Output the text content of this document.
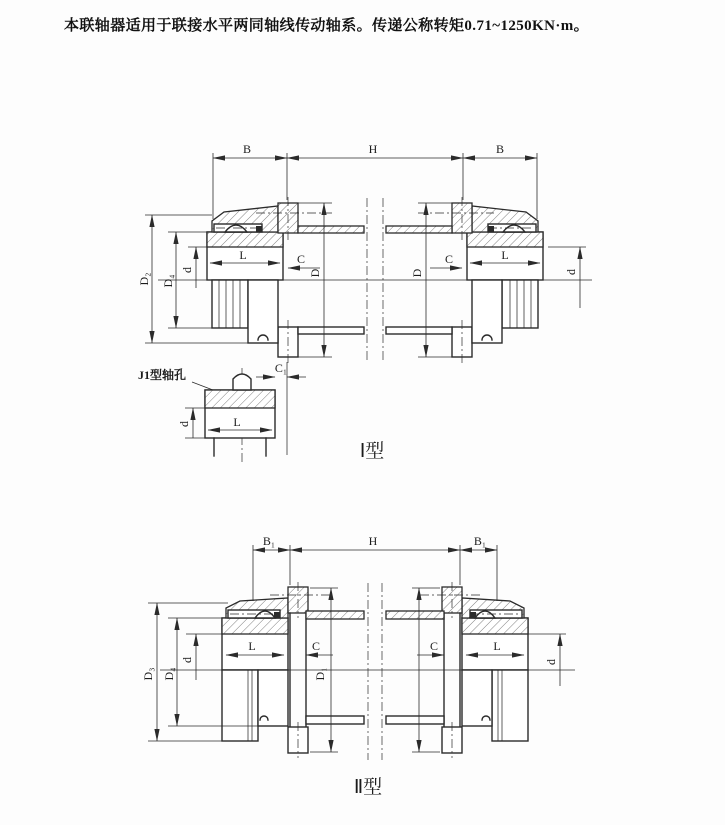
本联轴器适用于联接水平两同轴线传动轴系。传递公称转矩0.71~1250KN·m。
B	H	B
D₂ D₄
d
L	C	L
C
D	D	d
J1型轴孔	C₁
L
d
Ⅰ型
B₁	H	B₁
D₃ D₄
d
L	C	L
C
D₁
d
Ⅱ型
